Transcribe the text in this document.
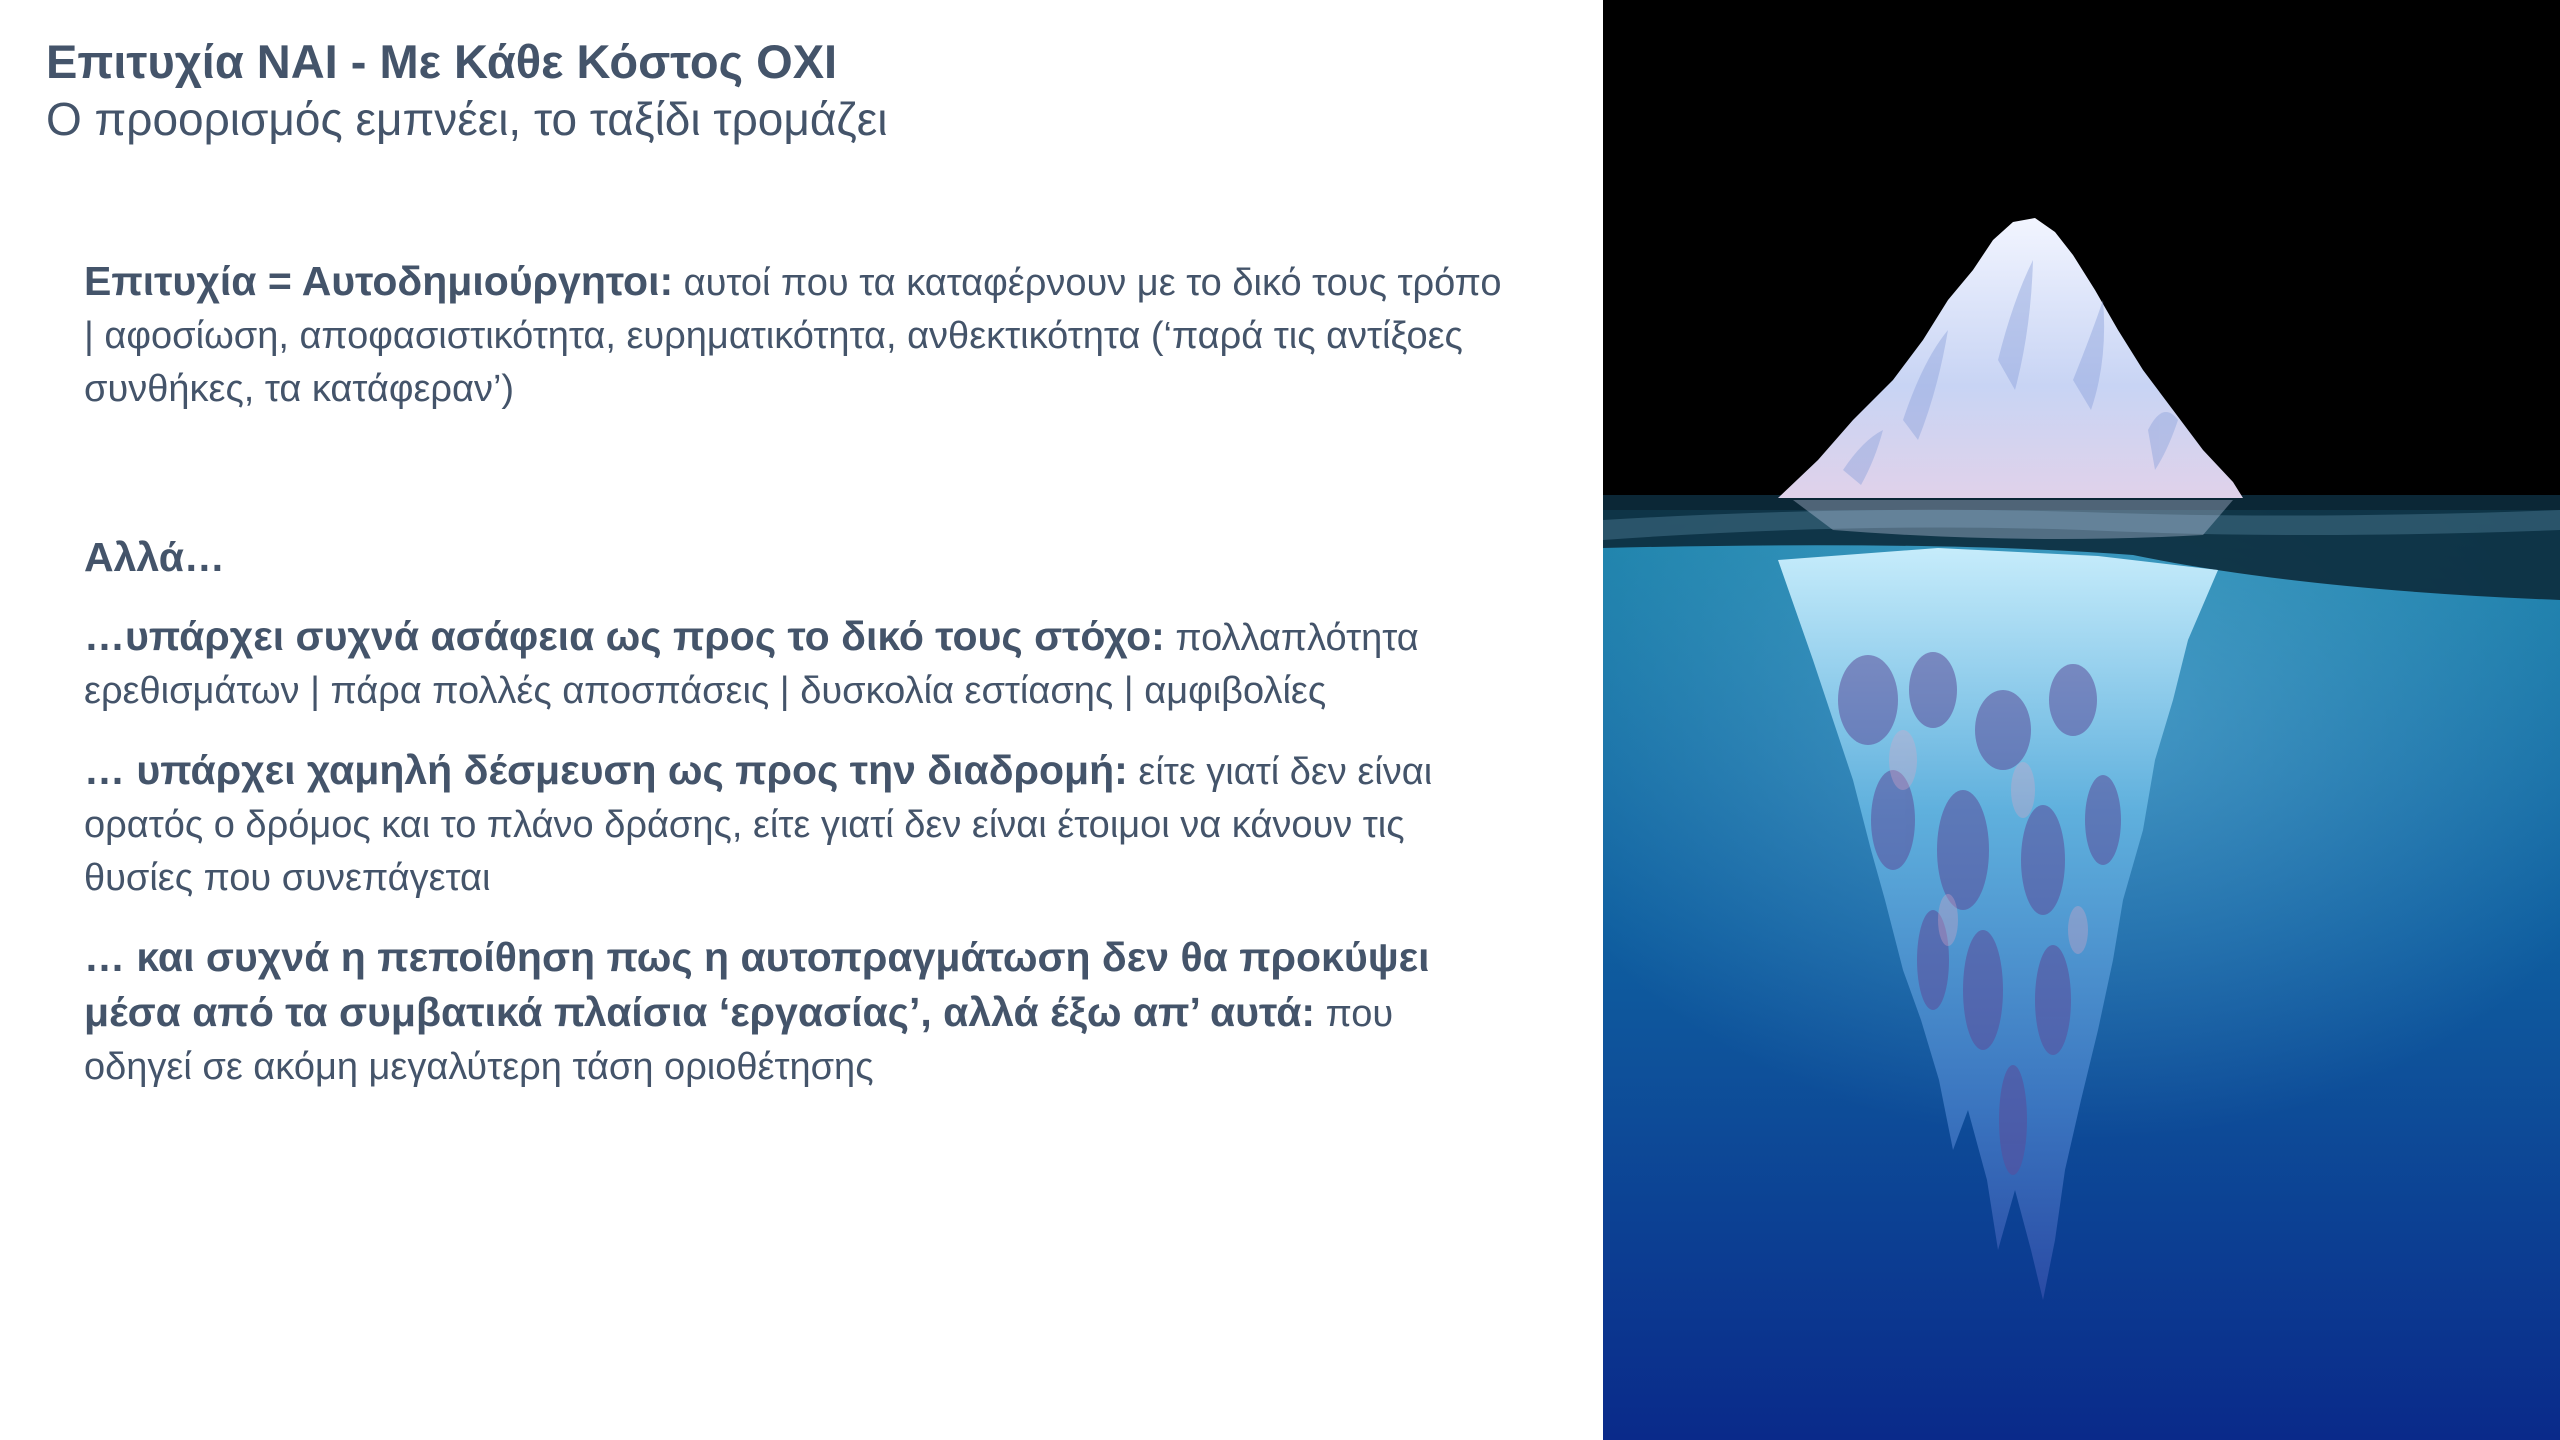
Επιτυχία ΝΑΙ - Με Κάθε Κόστος ΟΧΙ
Ο προορισμός εμπνέει, το ταξίδι τρομάζει

Επιτυχία = Αυτοδημιούργητοι: αυτοί που τα καταφέρνουν με το δικό τους τρόπο | αφοσίωση, αποφασιστικότητα, ευρηματικότητα, ανθεκτικότητα (‘παρά τις αντίξοες συνθήκες, τα κατάφεραν’)

Αλλά…

…υπάρχει συχνά ασάφεια ως προς το δικό τους στόχο: πολλαπλότητα ερεθισμάτων | πάρα πολλές αποσπάσεις | δυσκολία εστίασης | αμφιβολίες

… υπάρχει χαμηλή δέσμευση ως προς την διαδρομή: είτε γιατί δεν είναι ορατός ο δρόμος και το πλάνο δράσης, είτε γιατί δεν είναι έτοιμοι να κάνουν τις θυσίες που συνεπάγεται

… και συχνά η πεποίθηση πως η αυτοπραγμάτωση δεν θα προκύψει μέσα από τα συμβατικά πλαίσια ‘εργασίας’, αλλά έξω απ’ αυτά: που οδηγεί σε ακόμη μεγαλύτερη τάση οριοθέτησης
